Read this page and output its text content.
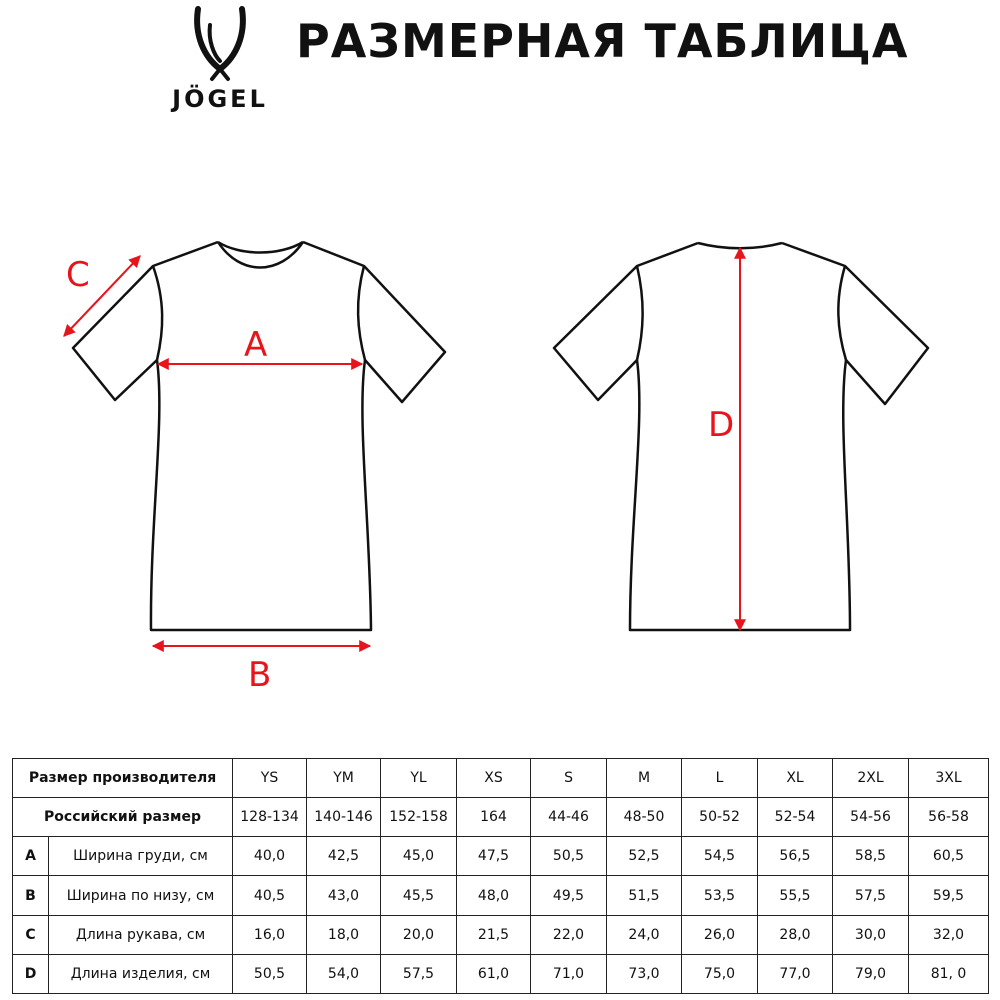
JÖGEL
РАЗМЕРНАЯ ТАБЛИЦА
A
B
C
D
Размер производителя		YS	YM	YL	XS	S	M	L	XL	2XL	3XL
Российский размер		128-134	140-146	152-158	164	44-46	48-50	50-52	52-54	54-56	56-58
A	Ширина груди, см	40,0	42,5	45,0	47,5	50,5	52,5	54,5	56,5	58,5	60,5
B	Ширина по низу, см	40,5	43,0	45,5	48,0	49,5	51,5	53,5	55,5	57,5	59,5
C	Длина рукава, см	16,0	18,0	20,0	21,5	22,0	24,0	26,0	28,0	30,0	32,0
D	Длина изделия, см	50,5	54,0	57,5	61,0	71,0	73,0	75,0	77,0	79,0	81, 0
